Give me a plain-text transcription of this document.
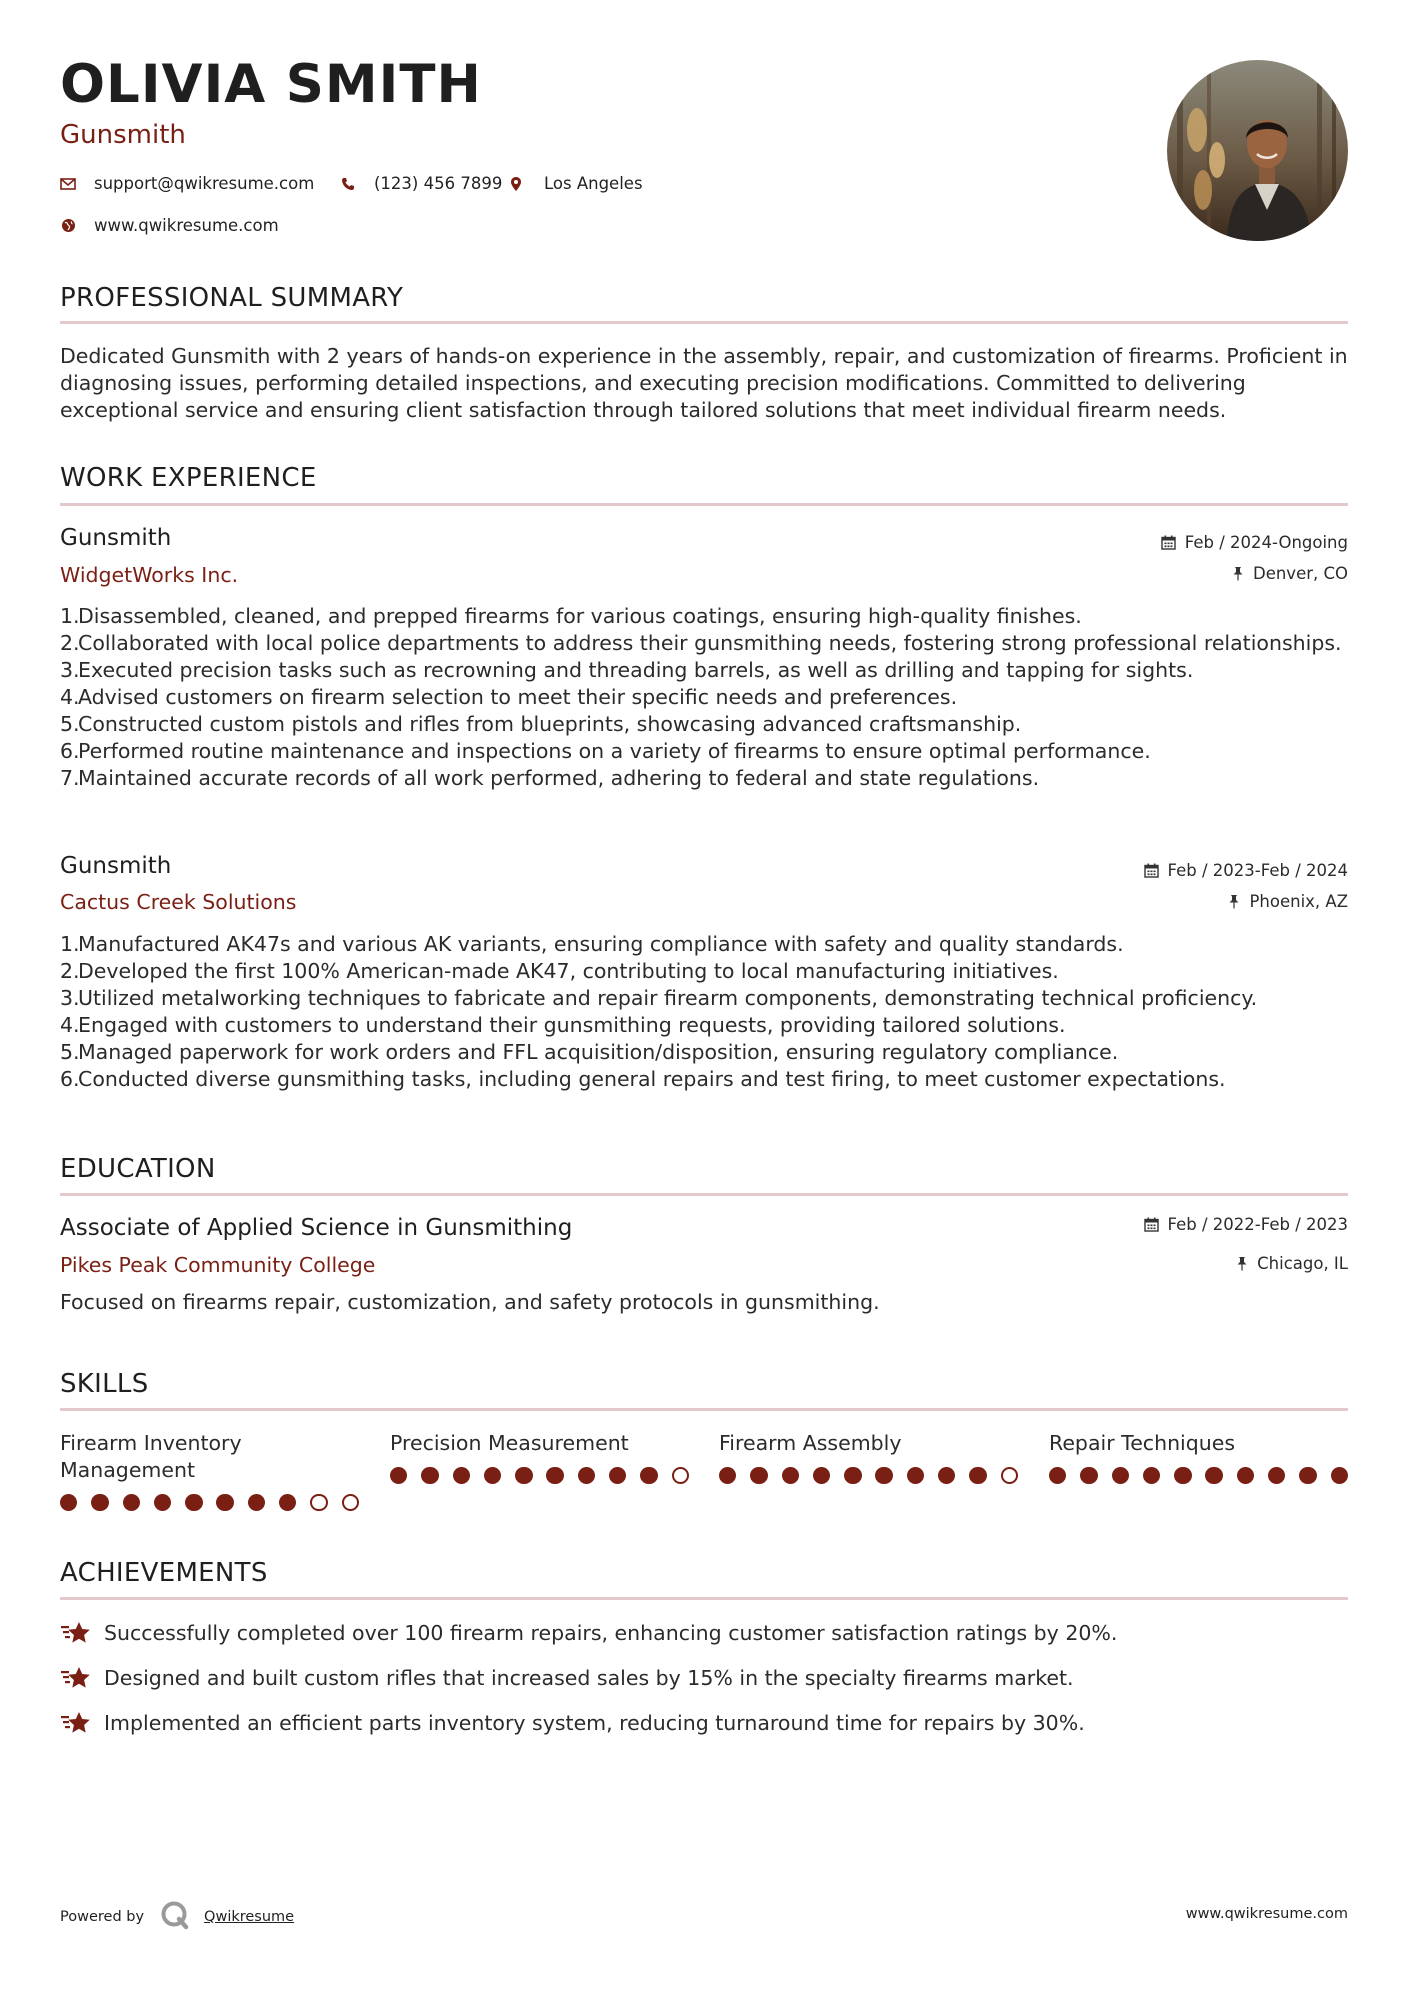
OLIVIA SMITH
Gunsmith
support@qwikresume.com	(123) 456 7899	Los Angeles
www.qwikresume.com
PROFESSIONAL SUMMARY
Dedicated Gunsmith with 2 years of hands-on experience in the assembly, repair, and customization of firearms. Proficient in diagnosing issues, performing detailed inspections, and executing precision modifications. Committed to delivering exceptional service and ensuring client satisfaction through tailored solutions that meet individual firearm needs.
WORK EXPERIENCE
Gunsmith
WidgetWorks Inc.
Feb / 2024-Ongoing
Denver, CO
1.
Disassembled, cleaned, and prepped firearms for various coatings, ensuring high-quality finishes.
2.
Collaborated with local police departments to address their gunsmithing needs, fostering strong professional relationships.
3.
Executed precision tasks such as recrowning and threading barrels, as well as drilling and tapping for sights.
4.
Advised customers on firearm selection to meet their specific needs and preferences.
5.
Constructed custom pistols and rifles from blueprints, showcasing advanced craftsmanship.
6.
Performed routine maintenance and inspections on a variety of firearms to ensure optimal performance.
7.
Maintained accurate records of all work performed, adhering to federal and state regulations.
Gunsmith
Cactus Creek Solutions
Feb / 2023-Feb / 2024
Phoenix, AZ
1.
Manufactured AK47s and various AK variants, ensuring compliance with safety and quality standards.
2.
Developed the first 100% American-made AK47, contributing to local manufacturing initiatives.
3.
Utilized metalworking techniques to fabricate and repair firearm components, demonstrating technical proficiency.
4.
Engaged with customers to understand their gunsmithing requests, providing tailored solutions.
5.
Managed paperwork for work orders and FFL acquisition/disposition, ensuring regulatory compliance.
6.
Conducted diverse gunsmithing tasks, including general repairs and test firing, to meet customer expectations.
EDUCATION
Associate of Applied Science in Gunsmithing
Pikes Peak Community College
Feb / 2022-Feb / 2023
Chicago, IL
Focused on firearms repair, customization, and safety protocols in gunsmithing.
SKILLS
Firearm Inventory Management
Precision Measurement	Firearm Assembly	Repair Techniques
ACHIEVEMENTS
Successfully completed over 100 firearm repairs, enhancing customer satisfaction ratings by 20%.
Designed and built custom rifles that increased sales by 15% in the specialty firearms market.
Implemented an efficient parts inventory system, reducing turnaround time for repairs by 30%.
Powered by	Qwikresume	www.qwikresume.com
